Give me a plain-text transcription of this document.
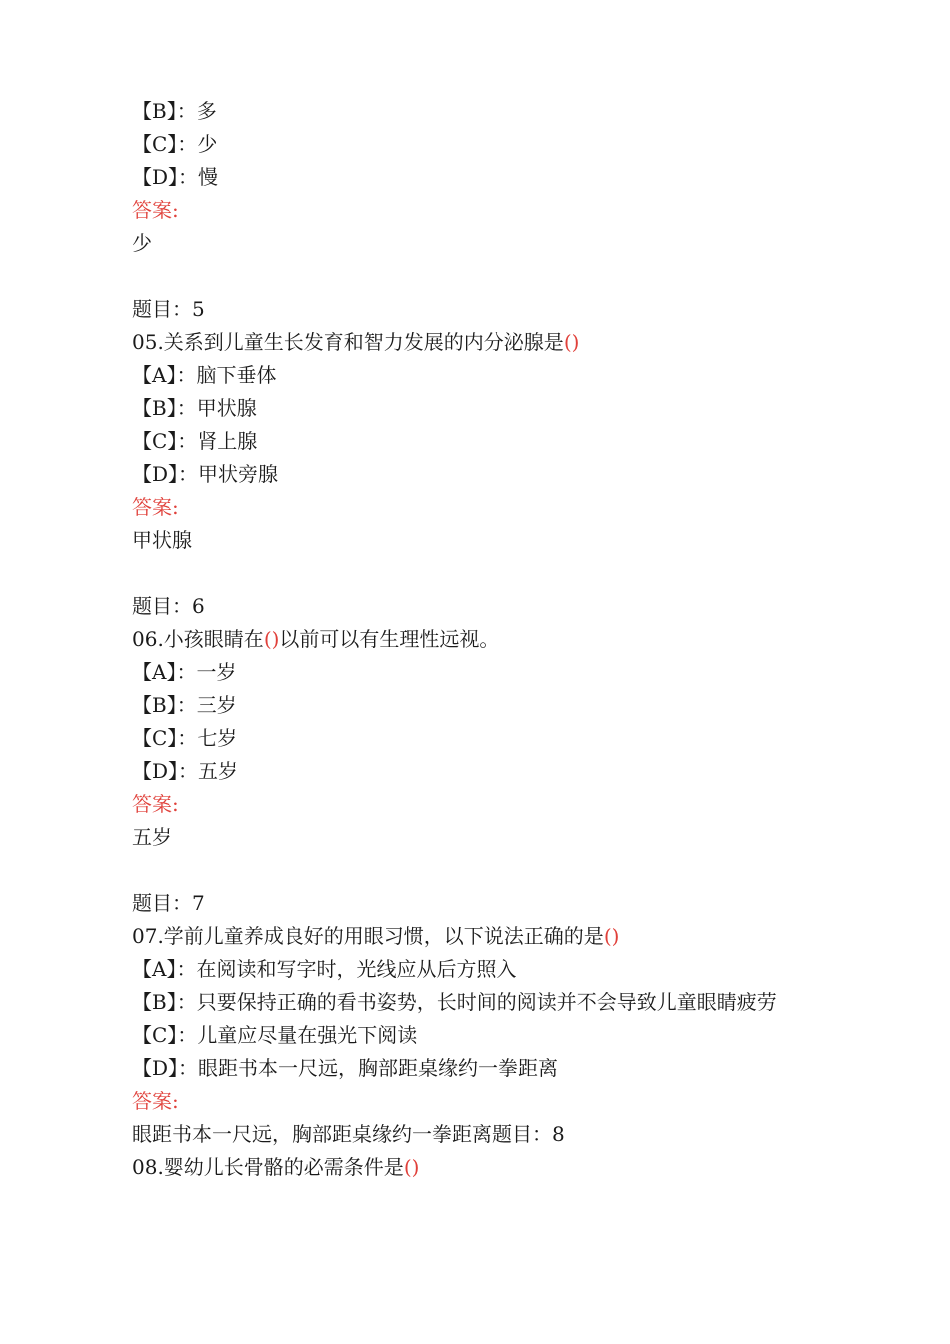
【B】：多
【C】：少
【D】：慢
答案:
少
题目：5
05.关系到儿童生长发育和智力发展的内分泌腺是()
【A】：脑下垂体
【B】：甲状腺
【C】：肾上腺
【D】：甲状旁腺
答案:
甲状腺
题目：6
06.小孩眼睛在()以前可以有生理性远视。
【A】：一岁
【B】：三岁
【C】：七岁
【D】：五岁
答案:
五岁
题目：7
07.学前儿童养成良好的用眼习惯，以下说法正确的是()
【A】：在阅读和写字时，光线应从后方照入
【B】：只要保持正确的看书姿势，长时间的阅读并不会导致儿童眼睛疲劳
【C】：儿童应尽量在强光下阅读
【D】：眼距书本一尺远，胸部距桌缘约一拳距离
答案:
眼距书本一尺远，胸部距桌缘约一拳距离题目：8
08.婴幼儿长骨骼的必需条件是()
